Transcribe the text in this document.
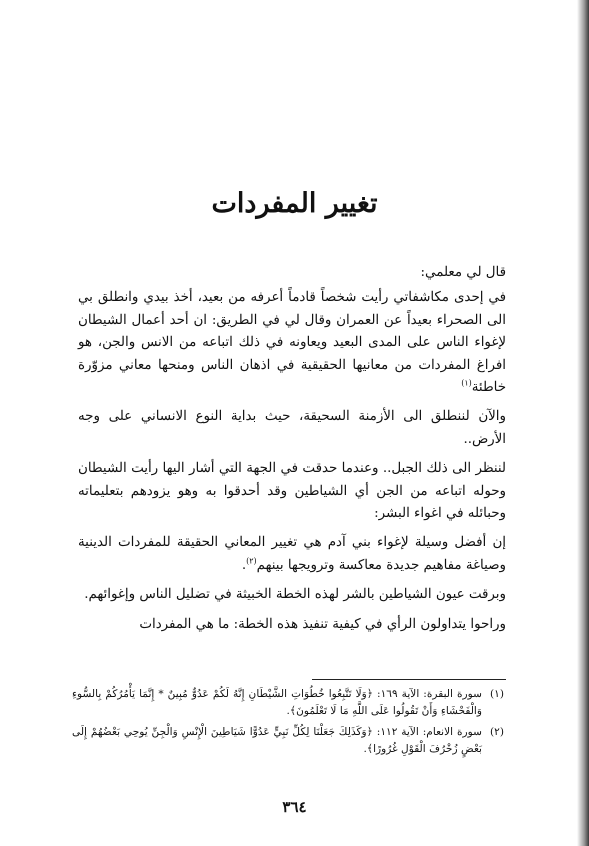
تغيير المفردات

قال لي معلمي:

في إحدى مكاشفاتي رأيت شخصاً قادماً أعرفه من بعيد، أخذ بيدي وانطلق بي الى الصحراء بعيداً عن العمران وقال لي في الطريق: ان أحد أعمال الشيطان لإغواء الناس على المدى البعيد ويعاونه في ذلك اتباعه من الانس والجن، هو افراغ المفردات من معانيها الحقيقية في اذهان الناس ومنحها معاني مزوّرة خاطئة$^{(١)}$

والآن لننطلق الى الأزمنة السحيقة، حيث بداية النوع الانساني على وجه الأرض..

لننظر الى ذلك الجبل.. وعندما حدقت في الجهة التي أشار اليها رأيت الشيطان وحوله اتباعه من الجن أي الشياطين وقد أحدقوا به وهو يزودهم بتعليماته وحبائله في اغواء البشر:

إن أفضل وسيلة لإغواء بني آدم هي تغيير المعاني الحقيقة للمفردات الدينية وصياغة مفاهيم جديدة معاكسة وترويجها بينهم$^{(٢)}$.

وبرقت عيون الشياطين بالشر لهذه الخطة الخبيثة في تضليل الناس وإغوائهم.

وراحوا يتداولون الرأي في كيفية تنفيذ هذه الخطة: ما هي المفردات

(١)
سورة البقرة: الآية ١٦٩: ﴿وَلَا تَتَّبِعُوا خُطُوَاتِ الشَّيْطَانِ إِنَّهُ لَكُمْ عَدُوٌّ مُبِينٌ * إِنَّمَا يَأْمُرُكُمْ بِالسُّوءِ وَالْفَحْشَاءِ وَأَنْ تَقُولُوا عَلَى اللَّهِ مَا لَا تَعْلَمُونَ﴾.
(٢)
سورة الانعام: الآية ١١٢: ﴿وَكَذَلِكَ جَعَلْنَا لِكُلِّ نَبِيٍّ عَدُوًّا شَيَاطِينَ الْإِنْسِ وَالْجِنِّ يُوحِي بَعْضُهُمْ إِلَى بَعْضٍ زُخْرُفَ الْقَوْلِ غُرُورًا﴾.
٣٦٤
